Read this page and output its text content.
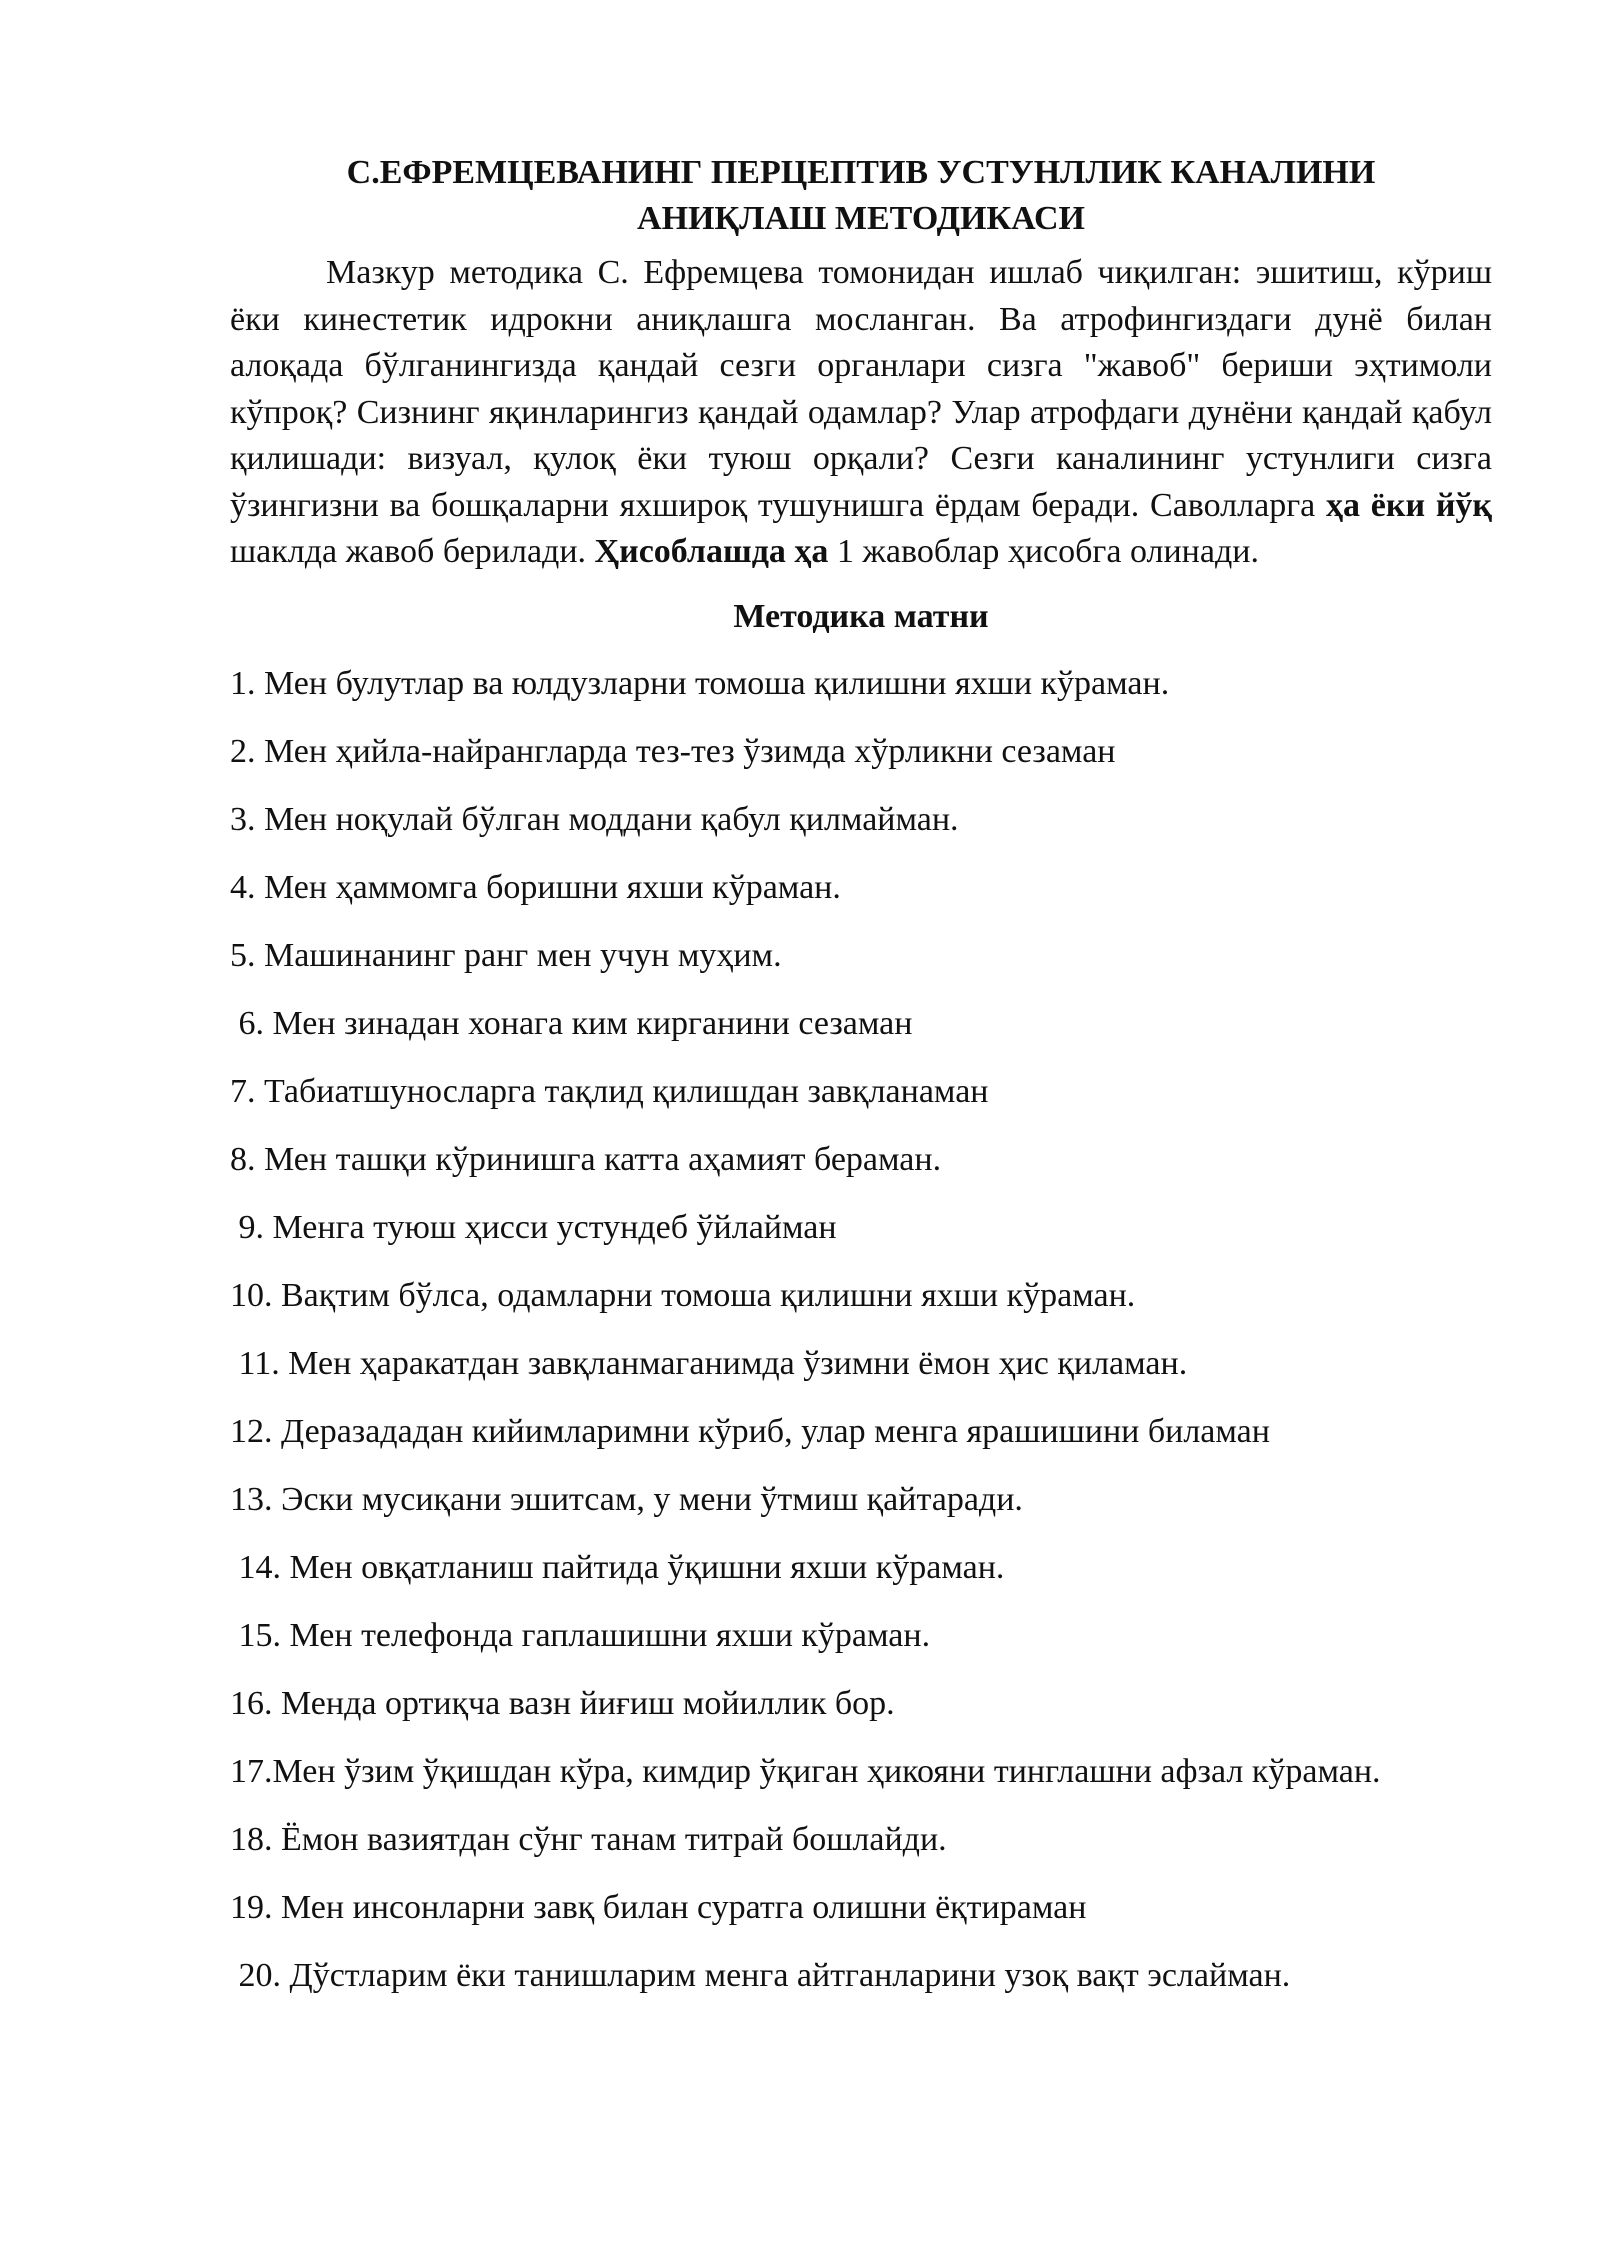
С.ЕФРЕМЦЕВАНИНГ ПЕРЦЕПТИВ УСТУНЛЛИК КАНАЛИНИ
АНИҚЛАШ МЕТОДИКАСИ

Мазкур методика С. Ефремцева томонидан ишлаб чиқилган: эшитиш, кўриш ёки кинестетик идрокни аниқлашга мосланган. Ва атрофингиздаги дунё билан алоқада бўлганингизда қандай сезги органлари сизга "жавоб" бериши эҳтимоли кўпроқ? Сизнинг яқинларингиз қандай одамлар? Улар атрофдаги дунёни қандай қабул қилишади: визуал, қулоқ ёки туюш орқали? Сезги каналининг устунлиги сизга ўзингизни ва бошқаларни яхшироқ тушунишга ёрдам беради. Саволларга ҳа ёки йўқ шаклда жавоб берилади. Ҳисоблашда ҳа 1 жавоблар ҳисобга олинади.

Методика матни
1. Мен булутлар ва юлдузларни томоша қилишни яхши кўраман.
2. Мен ҳийла-найрангларда тез-тез ўзимда хўрликни сезаман
3. Мен ноқулай бўлган моддани қабул қилмайман.
4. Мен ҳаммомга боришни яхши кўраман.
5. Машинанинг ранг мен учун муҳим.
6. Мен зинадан хонага ким кирганини сезаман
7. Табиатшуносларга тақлид қилишдан завқланаман
8. Мен ташқи кўринишга катта аҳамият бераман.
9. Менга туюш ҳисси устундеб ўйлайман
10. Вақтим бўлса, одамларни томоша қилишни яхши кўраман.
11. Мен ҳаракатдан завқланмаганимда ўзимни ёмон ҳис қиламан.
12. Деразададан кийимларимни кўриб, улар менга ярашишини биламан
13. Эски мусиқани эшитсам, у мени ўтмиш қайтаради.
14. Мен овқатланиш пайтида ўқишни яхши кўраман.
15. Мен телефонда гаплашишни яхши кўраман.
16. Менда ортиқча вазн йиғиш мойиллик бор.
17.Мен ўзим ўқишдан кўра, кимдир ўқиган ҳикояни тинглашни афзал кўраман.
18. Ёмон вазиятдан сўнг танам титрай бошлайди.
19. Мен инсонларни завқ билан суратга олишни ёқтираман
20. Дўстларим ёки танишларим менга айтганларини узоқ вақт эслайман.
